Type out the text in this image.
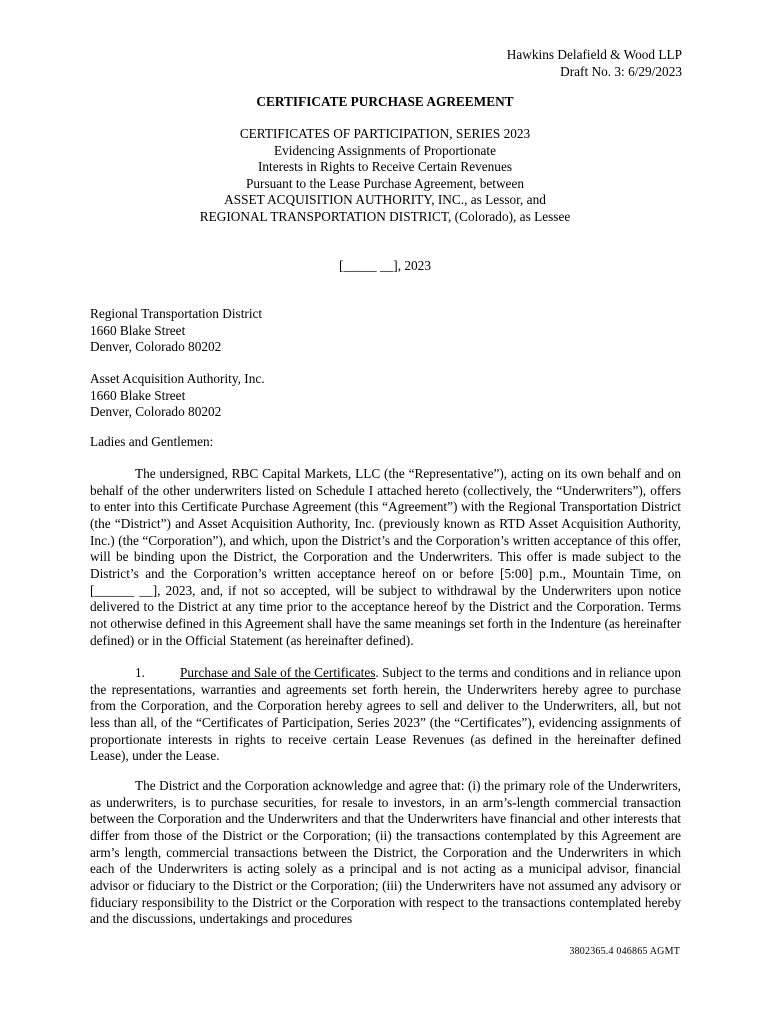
Hawkins Delafield & Wood LLP
Draft No. 3: 6/29/2023
CERTIFICATE PURCHASE AGREEMENT
CERTIFICATES OF PARTICIPATION, SERIES 2023
Evidencing Assignments of Proportionate
Interests in Rights to Receive Certain Revenues
Pursuant to the Lease Purchase Agreement, between
ASSET ACQUISITION AUTHORITY, INC., as Lessor, and
REGIONAL TRANSPORTATION DISTRICT, (Colorado), as Lessee
[_____ __], 2023
Regional Transportation District
1660 Blake Street
Denver, Colorado 80202
Asset Acquisition Authority, Inc.
1660 Blake Street
Denver, Colorado 80202
Ladies and Gentlemen:

The undersigned, RBC Capital Markets, LLC (the “Representative”), acting on its own behalf and on behalf of the other underwriters listed on Schedule I attached hereto (collectively, the “Underwriters”), offers to enter into this Certificate Purchase Agreement (this “Agreement”) with the Regional Transportation District (the “District”) and Asset Acquisition Authority, Inc. (previously known as RTD Asset Acquisition Authority, Inc.) (the “Corporation”), and which, upon the District’s and the Corporation’s written acceptance of this offer, will be binding upon the District, the Corporation and the Underwriters. This offer is made subject to the District’s and the Corporation’s written acceptance hereof on or before [5:00] p.m., Mountain Time, on [______ __], 2023, and, if not so accepted, will be subject to withdrawal by the Underwriters upon notice delivered to the District at any time prior to the acceptance hereof by the District and the Corporation. Terms not otherwise defined in this Agreement shall have the same meanings set forth in the Indenture (as hereinafter defined) or in the Official Statement (as hereinafter defined).

1.	Purchase and Sale of the Certificates. Subject to the terms and conditions and in reliance upon the representations, warranties and agreements set forth herein, the Underwriters hereby agree to purchase from the Corporation, and the Corporation hereby agrees to sell and deliver to the Underwriters, all, but not less than all, of the “Certificates of Participation, Series 2023” (the “Certificates”), evidencing assignments of proportionate interests in rights to receive certain Lease Revenues (as defined in the hereinafter defined Lease), under the Lease.

The District and the Corporation acknowledge and agree that: (i) the primary role of the Underwriters, as underwriters, is to purchase securities, for resale to investors, in an arm’s-length commercial transaction between the Corporation and the Underwriters and that the Underwriters have financial and other interests that differ from those of the District or the Corporation; (ii) the transactions contemplated by this Agreement are arm’s length, commercial transactions between the District, the Corporation and the Underwriters in which each of the Underwriters is acting solely as a principal and is not acting as a municipal advisor, financial advisor or fiduciary to the District or the Corporation; (iii) the Underwriters have not assumed any advisory or fiduciary responsibility to the District or the Corporation with respect to the transactions contemplated hereby and the discussions, undertakings and procedures

3802365.4 046865 AGMT
